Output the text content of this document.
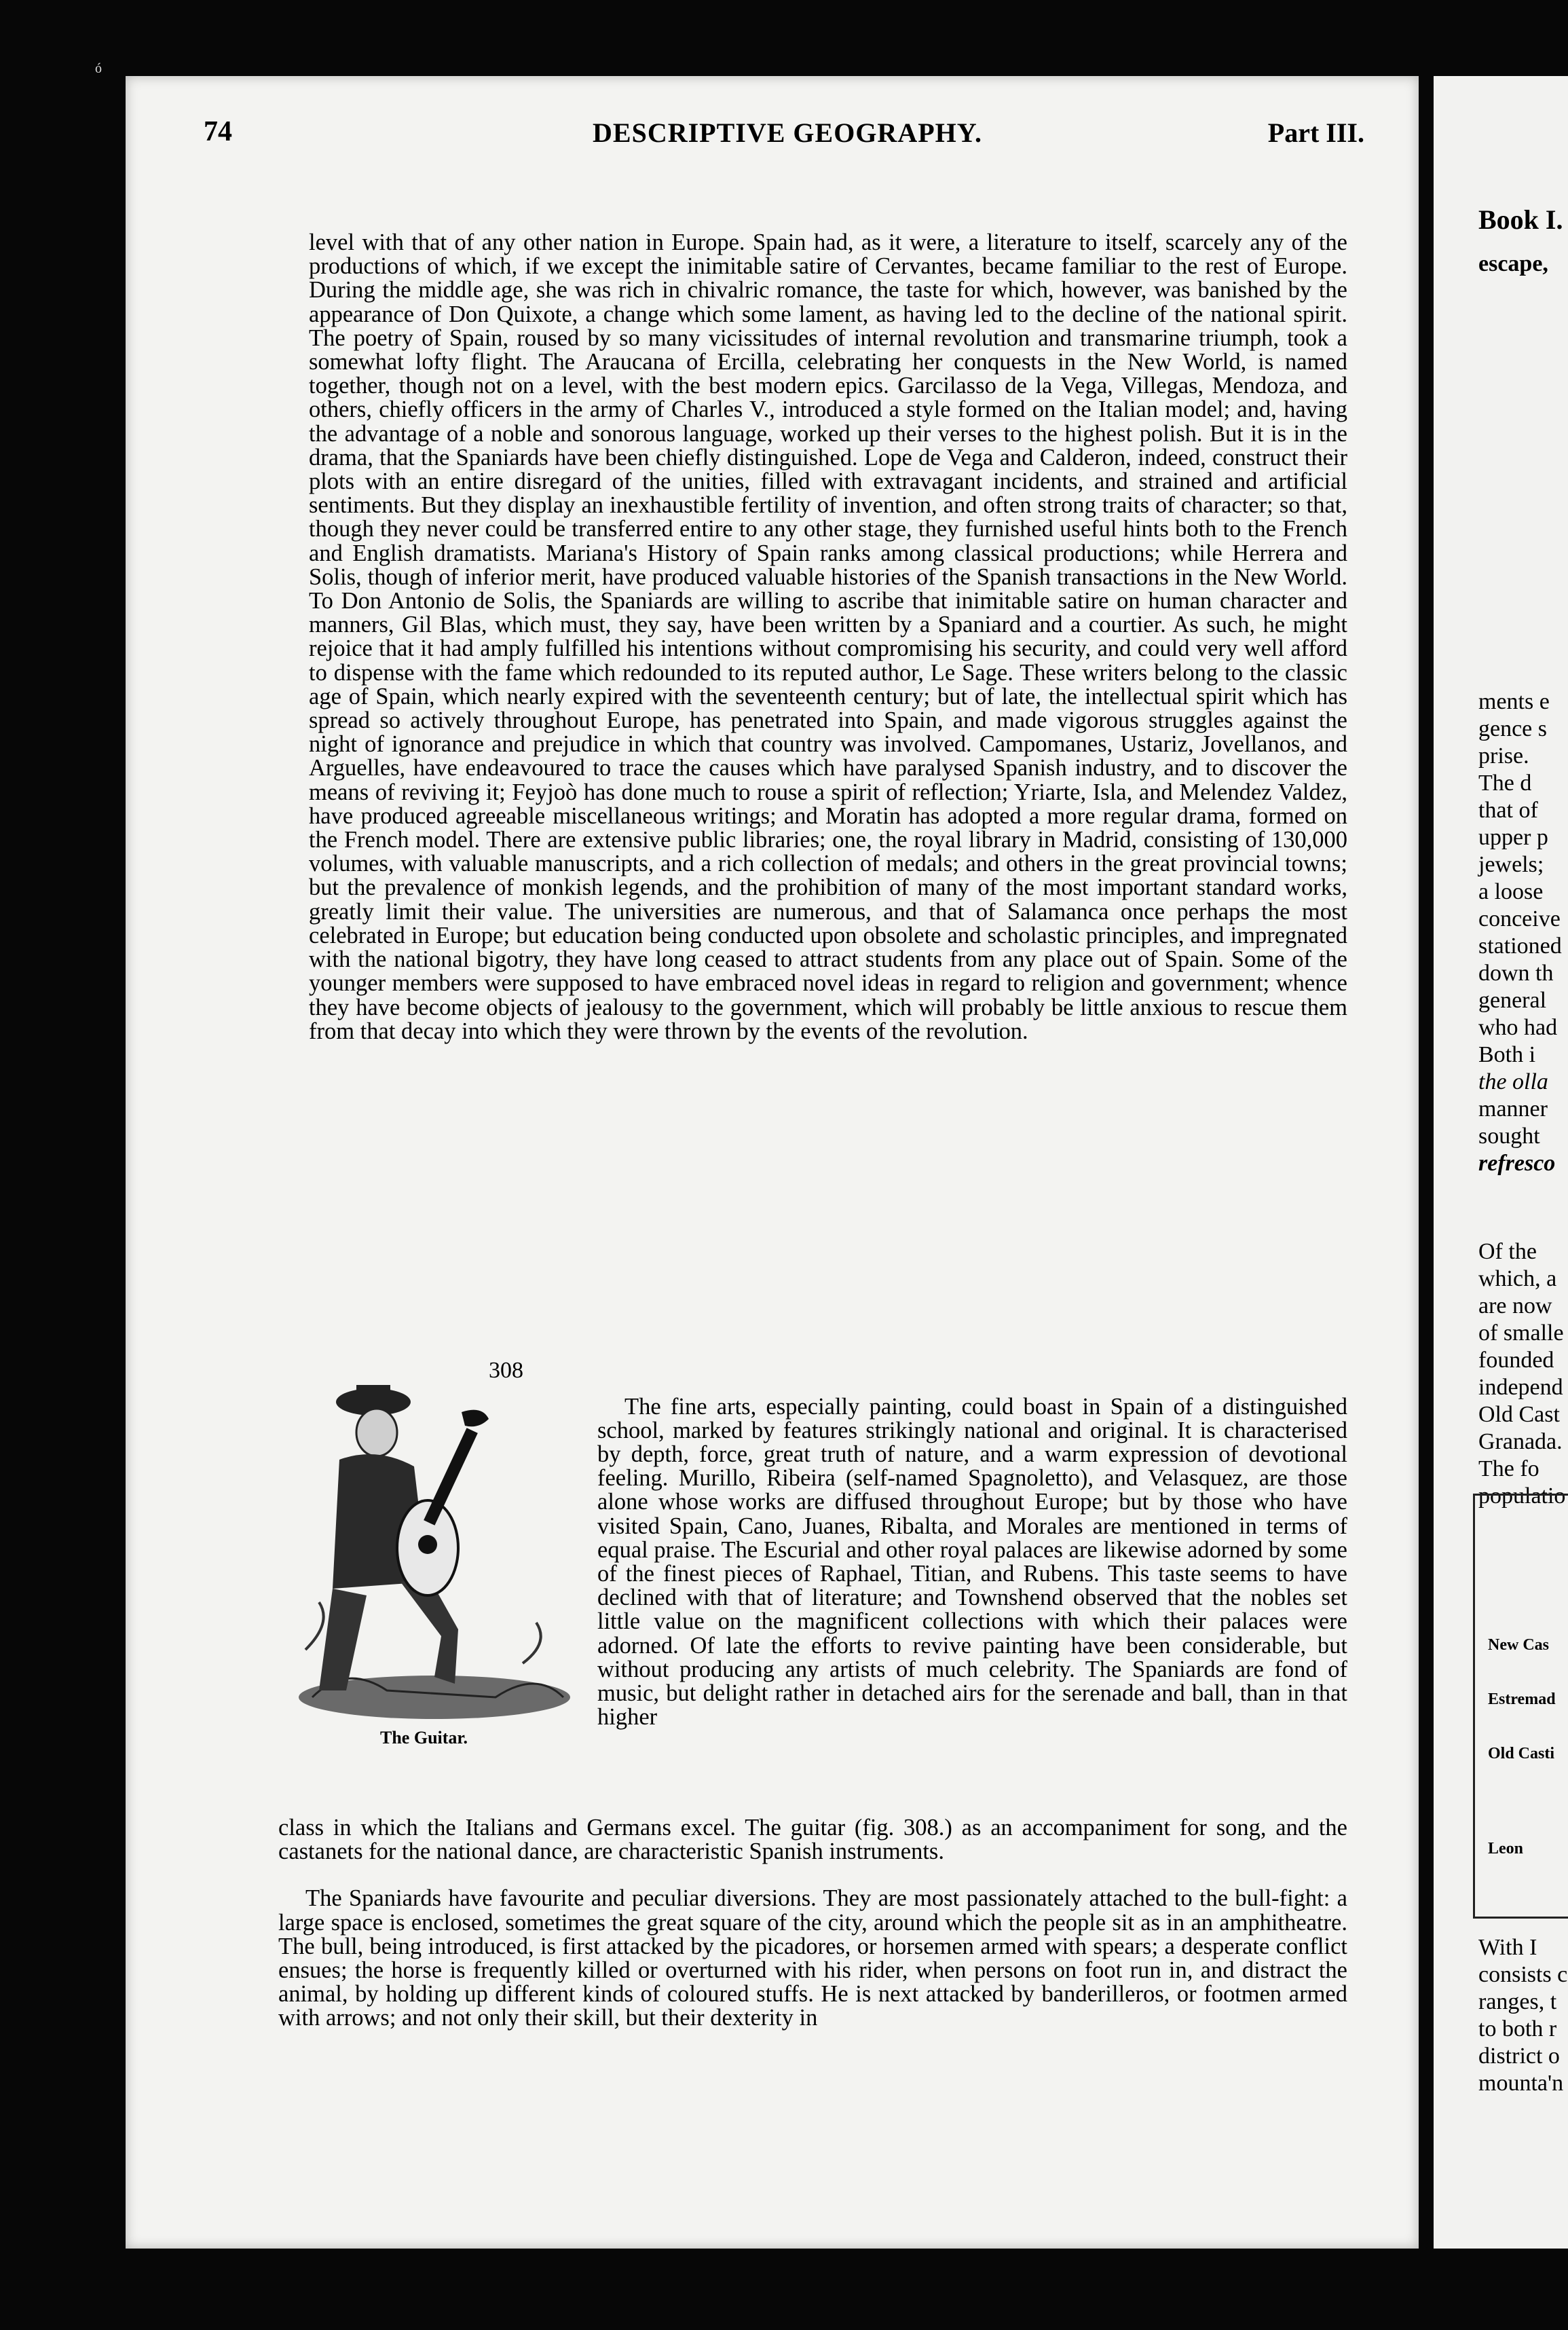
ó
74	DESCRIPTIVE GEOGRAPHY.	Part III.

level with that of any other nation in Europe. Spain had, as it were, a literature to itself, scarcely any of the productions of which, if we except the inimitable satire of Cervantes, became familiar to the rest of Europe. During the middle age, she was rich in chivalric romance, the taste for which, however, was banished by the appearance of Don Quixote, a change which some lament, as having led to the decline of the national spirit. The poetry of Spain, roused by so many vicissitudes of internal revolution and transmarine triumph, took a somewhat lofty flight. The Araucana of Ercilla, celebrating her conquests in the New World, is named together, though not on a level, with the best modern epics. Garcilasso de la Vega, Villegas, Mendoza, and others, chiefly officers in the army of Charles V., introduced a style formed on the Italian model; and, having the advantage of a noble and sonorous language, worked up their verses to the highest polish. But it is in the drama, that the Spaniards have been chiefly distinguished. Lope de Vega and Calderon, indeed, construct their plots with an entire disregard of the unities, filled with extravagant incidents, and strained and artificial sentiments. But they display an inexhaustible fertility of invention, and often strong traits of character; so that, though they never could be transferred entire to any other stage, they furnished useful hints both to the French and English dramatists. Mariana's History of Spain ranks among classical productions; while Herrera and Solis, though of inferior merit, have produced valuable histories of the Spanish transactions in the New World. To Don Antonio de Solis, the Spaniards are willing to ascribe that inimitable satire on human character and manners, Gil Blas, which must, they say, have been written by a Spaniard and a courtier. As such, he might rejoice that it had amply fulfilled his intentions without compromising his security, and could very well afford to dispense with the fame which redounded to its reputed author, Le Sage. These writers belong to the classic age of Spain, which nearly expired with the seventeenth century; but of late, the intellectual spirit which has spread so actively throughout Europe, has penetrated into Spain, and made vigorous struggles against the night of ignorance and prejudice in which that country was involved. Campomanes, Ustariz, Jovellanos, and Arguelles, have endeavoured to trace the causes which have paralysed Spanish industry, and to discover the means of reviving it; Feyjoò has done much to rouse a spirit of reflection; Yriarte, Isla, and Melendez Valdez, have produced agreeable miscellaneous writings; and Moratin has adopted a more regular drama, formed on the French model. There are extensive public libraries; one, the royal library in Madrid, consisting of 130,000 volumes, with valuable manuscripts, and a rich collection of medals; and others in the great provincial towns; but the prevalence of monkish legends, and the prohibition of many of the most important standard works, greatly limit their value. The universities are numerous, and that of Salamanca once perhaps the most celebrated in Europe; but education being conducted upon obsolete and scholastic principles, and impregnated with the national bigotry, they have long ceased to attract students from any place out of Spain. Some of the younger members were supposed to have embraced novel ideas in regard to religion and government; whence they have become objects of jealousy to the government, which will probably be little anxious to rescue them from that decay into which they were thrown by the events of the revolution.

308
The Guitar.

The fine arts, especially painting, could boast in Spain of a distinguished school, marked by features strikingly national and original. It is characterised by depth, force, great truth of nature, and a warm expression of devotional feeling. Murillo, Ribeira (self-named Spagnoletto), and Velasquez, are those alone whose works are diffused throughout Europe; but by those who have visited Spain, Cano, Juanes, Ribalta, and Morales are mentioned in terms of equal praise. The Escurial and other royal palaces are likewise adorned by some of the finest pieces of Raphael, Titian, and Rubens. This taste seems to have declined with that of literature; and Townshend observed that the nobles set little value on the magnificent collections with which their palaces were adorned. Of late the efforts to revive painting have been considerable, but without producing any artists of much celebrity. The Spaniards are fond of music, but delight rather in detached airs for the serenade and ball, than in that higher

class in which the Italians and Germans excel. The guitar (fig. 308.) as an accompaniment for song, and the castanets for the national dance, are characteristic Spanish instruments.

The Spaniards have favourite and peculiar diversions. They are most passionately attached to the bull-fight: a large space is enclosed, sometimes the great square of the city, around which the people sit as in an amphitheatre. The bull, being introduced, is first attacked by the picadores, or horsemen armed with spears; a desperate conflict ensues; the horse is frequently killed or overturned with his rider, when persons on foot run in, and distract the animal, by holding up different kinds of coloured stuffs. He is next attacked by banderilleros, or footmen armed with arrows; and not only their skill, but their dexterity in

Book I.
escape,
ments e
gence s
prise.
The d
that of
upper p
jewels;
a loose
conceive
stationed
down th
general
who had
Both i
the olla
manner
sought
refresco
Of the
which, a
are now
of smalle
founded
independ
Old Cast
Granada.
The fo
populatio
New Cas
Estremad
Old Casti
Leon
With I
consists c
ranges, t
to both r
district o
mounta'n
